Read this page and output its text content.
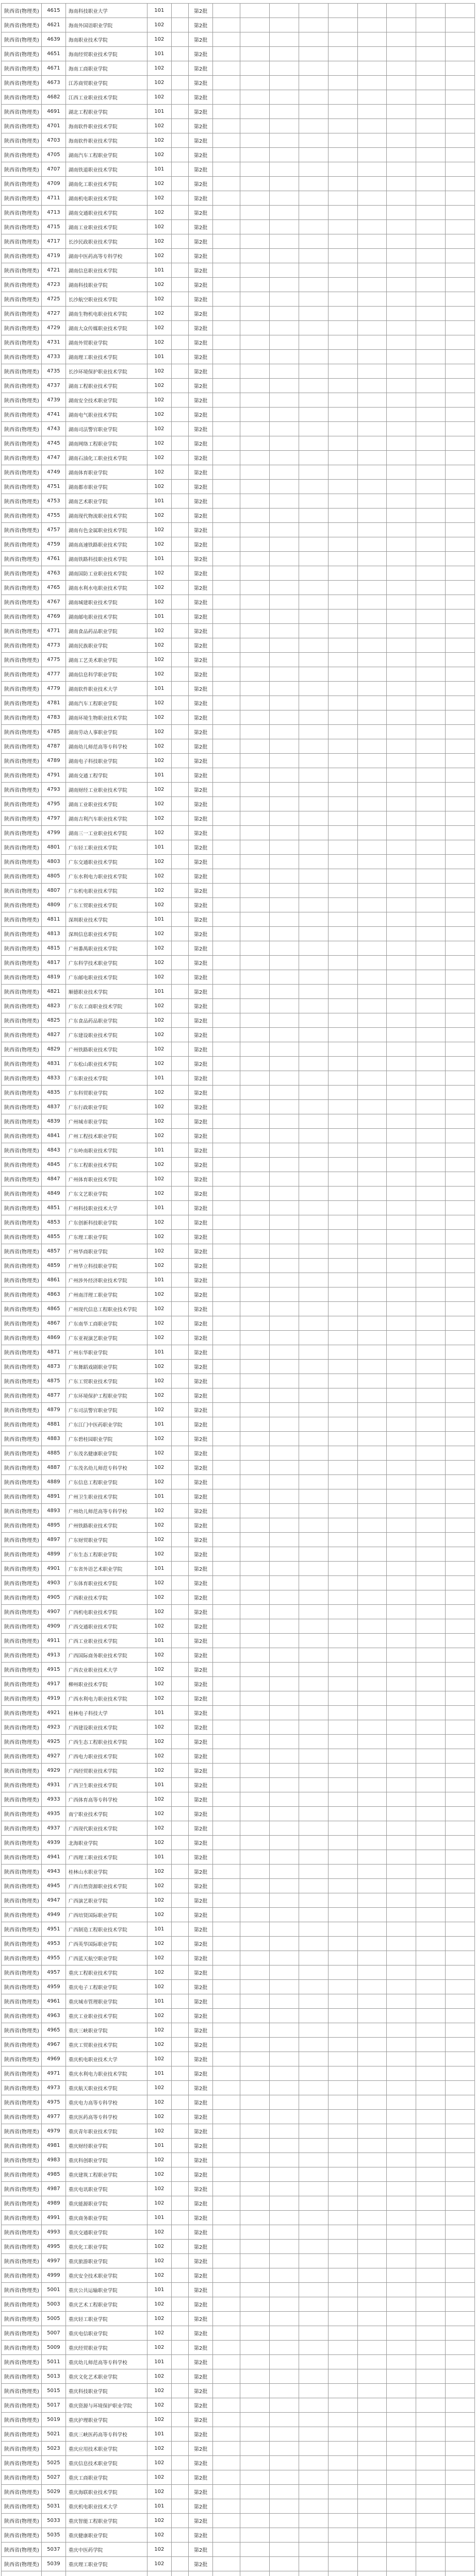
陕西省(物理类)	4615	海南科技职业大学	101		第2批									
陕西省(物理类)	4621	海南外国语职业学院	102		第2批									
陕西省(物理类)	4639	海南职业技术学院	102		第2批									
陕西省(物理类)	4651	海南经贸职业技术学院	101		第2批									
陕西省(物理类)	4671	海南工商职业学院	102		第2批									
陕西省(物理类)	4673	江苏商贸职业学院	102		第2批									
陕西省(物理类)	4682	江西工业职业技术学院	102		第2批									
陕西省(物理类)	4691	湖北工程职业学院	101		第2批									
陕西省(物理类)	4701	海南软件职业技术学院	102		第2批									
陕西省(物理类)	4703	海南软件职业技术学院	102		第2批									
陕西省(物理类)	4705	湖南汽车工程职业学院	102		第2批									
陕西省(物理类)	4707	湖南铁道职业技术学院	101		第2批									
陕西省(物理类)	4709	湖南化工职业技术学院	102		第2批									
陕西省(物理类)	4711	湖南机电职业技术学院	102		第2批									
陕西省(物理类)	4713	湖南交通职业技术学院	102		第2批									
陕西省(物理类)	4715	湖南工业职业技术学院	102		第2批									
陕西省(物理类)	4717	长沙民政职业技术学院	102		第2批									
陕西省(物理类)	4719	湖南中医药高等专科学校	102		第2批									
陕西省(物理类)	4721	湖南信息职业技术学院	101		第2批									
陕西省(物理类)	4723	湖南科技职业学院	102		第2批									
陕西省(物理类)	4725	长沙航空职业技术学院	102		第2批									
陕西省(物理类)	4727	湖南生物机电职业技术学院	102		第2批									
陕西省(物理类)	4729	湖南大众传媒职业技术学院	102		第2批									
陕西省(物理类)	4731	湖南外贸职业学院	102		第2批									
陕西省(物理类)	4733	湖南理工职业技术学院	101		第2批									
陕西省(物理类)	4735	长沙环境保护职业技术学院	102		第2批									
陕西省(物理类)	4737	湖南工程职业技术学院	102		第2批									
陕西省(物理类)	4739	湖南安全技术职业学院	102		第2批									
陕西省(物理类)	4741	湖南电气职业技术学院	102		第2批									
陕西省(物理类)	4743	湖南司法警官职业学院	102		第2批									
陕西省(物理类)	4745	湖南网络工程职业学院	102		第2批									
陕西省(物理类)	4747	湖南石油化工职业技术学院	102		第2批									
陕西省(物理类)	4749	湖南体育职业学院	102		第2批									
陕西省(物理类)	4751	湖南都市职业学院	102		第2批									
陕西省(物理类)	4753	湖南艺术职业学院	101		第2批									
陕西省(物理类)	4755	湖南现代物流职业技术学院	102		第2批									
陕西省(物理类)	4757	湖南有色金属职业技术学院	102		第2批									
陕西省(物理类)	4759	湖南高速铁路职业技术学院	102		第2批									
陕西省(物理类)	4761	湖南铁路科技职业技术学院	101		第2批									
陕西省(物理类)	4763	湖南国防工业职业技术学院	102		第2批									
陕西省(物理类)	4765	湖南水利水电职业技术学院	102		第2批									
陕西省(物理类)	4767	湖南城建职业技术学院	102		第2批									
陕西省(物理类)	4769	湖南邮电职业技术学院	101		第2批									
陕西省(物理类)	4771	湖南食品药品职业学院	102		第2批									
陕西省(物理类)	4773	湖南民族职业学院	102		第2批									
陕西省(物理类)	4775	湖南工艺美术职业学院	102		第2批									
陕西省(物理类)	4777	湖南信息科学职业学院	102		第2批									
陕西省(物理类)	4779	湖南软件职业技术大学	101		第2批									
陕西省(物理类)	4781	湖南汽车工程职业学院	102		第2批									
陕西省(物理类)	4783	湖南环境生物职业技术学院	102		第2批									
陕西省(物理类)	4785	湖南劳动人事职业学院	102		第2批									
陕西省(物理类)	4787	湖南幼儿师范高等专科学校	102		第2批									
陕西省(物理类)	4789	湖南电子科技职业学院	102		第2批									
陕西省(物理类)	4791	湖南交通工程学院	101		第2批									
陕西省(物理类)	4793	湖南财经工业职业技术学院	102		第2批									
陕西省(物理类)	4795	湖南工业职业技术学院	102		第2批									
陕西省(物理类)	4797	湖南吉利汽车职业技术学院	102		第2批									
陕西省(物理类)	4799	湖南三一工业职业技术学院	102		第2批									
陕西省(物理类)	4801	广东轻工职业技术学院	101		第2批									
陕西省(物理类)	4803	广东交通职业技术学院	102		第2批									
陕西省(物理类)	4805	广东水利电力职业技术学院	102		第2批									
陕西省(物理类)	4807	广东机电职业技术学院	102		第2批									
陕西省(物理类)	4809	广东工贸职业技术学院	102		第2批									
陕西省(物理类)	4811	深圳职业技术学院	101		第2批									
陕西省(物理类)	4813	深圳信息职业技术学院	102		第2批									
陕西省(物理类)	4815	广州番禺职业技术学院	102		第2批									
陕西省(物理类)	4817	广东科学技术职业学院	102		第2批									
陕西省(物理类)	4819	广东邮电职业技术学院	102		第2批									
陕西省(物理类)	4821	顺德职业技术学院	101		第2批									
陕西省(物理类)	4823	广东农工商职业技术学院	102		第2批									
陕西省(物理类)	4825	广东食品药品职业学院	102		第2批									
陕西省(物理类)	4827	广东建设职业技术学院	102		第2批									
陕西省(物理类)	4829	广州铁路职业技术学院	102		第2批									
陕西省(物理类)	4831	广东松山职业技术学院	102		第2批									
陕西省(物理类)	4833	广东职业技术学院	101		第2批									
陕西省(物理类)	4835	广东科贸职业学院	102		第2批									
陕西省(物理类)	4837	广东行政职业学院	102		第2批									
陕西省(物理类)	4839	广州城市职业学院	102		第2批									
陕西省(物理类)	4841	广州工程技术职业学院	102		第2批									
陕西省(物理类)	4843	广东岭南职业技术学院	101		第2批									
陕西省(物理类)	4845	广东工程职业技术学院	102		第2批									
陕西省(物理类)	4847	广州体育职业技术学院	102		第2批									
陕西省(物理类)	4849	广东文艺职业学院	102		第2批									
陕西省(物理类)	4851	广州科技职业技术大学	101		第2批									
陕西省(物理类)	4853	广东创新科技职业学院	102		第2批									
陕西省(物理类)	4855	广东理工职业学院	102		第2批									
陕西省(物理类)	4857	广州华商职业学院	102		第2批									
陕西省(物理类)	4859	广州华立科技职业学院	102		第2批									
陕西省(物理类)	4861	广州涉外经济职业技术学院	101		第2批									
陕西省(物理类)	4863	广州南洋理工职业学院	102		第2批									
陕西省(物理类)	4865	广州现代信息工程职业技术学院	102		第2批									
陕西省(物理类)	4867	广东南华工商职业学院	102		第2批									
陕西省(物理类)	4869	广东亚视演艺职业学院	102		第2批									
陕西省(物理类)	4871	广州东华职业学院	101		第2批									
陕西省(物理类)	4873	广东舞蹈戏剧职业学院	102		第2批									
陕西省(物理类)	4875	广东工贸职业技术学院	102		第2批									
陕西省(物理类)	4877	广东环境保护工程职业学院	102		第2批									
陕西省(物理类)	4879	广东司法警官职业学院	102		第2批									
陕西省(物理类)	4881	广东江门中医药职业学院	101		第2批									
陕西省(物理类)	4883	广东碧桂园职业学院	102		第2批									
陕西省(物理类)	4885	广东茂名健康职业学院	102		第2批									
陕西省(物理类)	4887	广东茂名幼儿师范专科学校	102		第2批									
陕西省(物理类)	4889	广东信息工程职业学院	102		第2批									
陕西省(物理类)	4891	广州卫生职业技术学院	101		第2批									
陕西省(物理类)	4893	广州幼儿师范高等专科学校	102		第2批									
陕西省(物理类)	4895	广州铁路职业技术学院	102		第2批									
陕西省(物理类)	4897	广东财贸职业学院	102		第2批									
陕西省(物理类)	4899	广东生态工程职业学院	102		第2批									
陕西省(物理类)	4901	广东省外语艺术职业学院	101		第2批									
陕西省(物理类)	4903	广东体育职业技术学院	102		第2批									
陕西省(物理类)	4905	广西职业技术学院	102		第2批									
陕西省(物理类)	4907	广西机电职业技术学院	102		第2批									
陕西省(物理类)	4909	广西交通职业技术学院	102		第2批									
陕西省(物理类)	4911	广西工业职业技术学院	101		第2批									
陕西省(物理类)	4913	广西国际商务职业技术学院	102		第2批									
陕西省(物理类)	4915	广西农业职业技术大学	102		第2批									
陕西省(物理类)	4917	柳州职业技术学院	102		第2批									
陕西省(物理类)	4919	广西水利电力职业技术学院	102		第2批									
陕西省(物理类)	4921	桂林电子科技大学	101		第2批									
陕西省(物理类)	4923	广西建设职业技术学院	102		第2批									
陕西省(物理类)	4925	广西生态工程职业技术学院	102		第2批									
陕西省(物理类)	4927	广西电力职业技术学院	102		第2批									
陕西省(物理类)	4929	广西经贸职业技术学院	102		第2批									
陕西省(物理类)	4931	广西卫生职业技术学院	101		第2批									
陕西省(物理类)	4933	广西体育高等专科学校	102		第2批									
陕西省(物理类)	4935	南宁职业技术学院	102		第2批									
陕西省(物理类)	4937	广西现代职业技术学院	102		第2批									
陕西省(物理类)	4939	北海职业学院	102		第2批									
陕西省(物理类)	4941	广西理工职业技术学院	101		第2批									
陕西省(物理类)	4943	桂林山水职业学院	102		第2批									
陕西省(物理类)	4945	广西自然资源职业技术学院	102		第2批									
陕西省(物理类)	4947	广西演艺职业学院	102		第2批									
陕西省(物理类)	4949	广西培贤国际职业学院	102		第2批									
陕西省(物理类)	4951	广西制造工程职业技术学院	101		第2批									
陕西省(物理类)	4953	广西英华国际职业学院	102		第2批									
陕西省(物理类)	4955	广西蓝天航空职业学院	102		第2批									
陕西省(物理类)	4957	重庆工程职业技术学院	102		第2批									
陕西省(物理类)	4959	重庆电子工程职业学院	102		第2批									
陕西省(物理类)	4961	重庆城市管理职业学院	101		第2批									
陕西省(物理类)	4963	重庆工业职业技术学院	102		第2批									
陕西省(物理类)	4965	重庆三峡职业学院	102		第2批									
陕西省(物理类)	4967	重庆工贸职业技术学院	102		第2批									
陕西省(物理类)	4969	重庆机电职业技术大学	102		第2批									
陕西省(物理类)	4971	重庆水利电力职业技术学院	101		第2批									
陕西省(物理类)	4973	重庆航天职业技术学院	102		第2批									
陕西省(物理类)	4975	重庆电力高等专科学校	102		第2批									
陕西省(物理类)	4977	重庆医药高等专科学校	102		第2批									
陕西省(物理类)	4979	重庆青年职业技术学院	102		第2批									
陕西省(物理类)	4981	重庆财经职业学院	101		第2批									
陕西省(物理类)	4983	重庆科创职业学院	102		第2批									
陕西省(物理类)	4985	重庆建筑工程职业学院	102		第2批									
陕西省(物理类)	4987	重庆电讯职业学院	102		第2批									
陕西省(物理类)	4989	重庆能源职业学院	102		第2批									
陕西省(物理类)	4991	重庆商务职业学院	101		第2批									
陕西省(物理类)	4993	重庆交通职业学院	102		第2批									
陕西省(物理类)	4995	重庆化工职业学院	102		第2批									
陕西省(物理类)	4997	重庆旅游职业学院	102		第2批									
陕西省(物理类)	4999	重庆安全技术职业学院	102		第2批									
陕西省(物理类)	5001	重庆公共运输职业学院	101		第2批									
陕西省(物理类)	5003	重庆艺术工程职业学院	102		第2批									
陕西省(物理类)	5005	重庆轻工职业学院	102		第2批									
陕西省(物理类)	5007	重庆电信职业学院	102		第2批									
陕西省(物理类)	5009	重庆经贸职业学院	102		第2批									
陕西省(物理类)	5011	重庆幼儿师范高等专科学校	101		第2批									
陕西省(物理类)	5013	重庆文化艺术职业学院	102		第2批									
陕西省(物理类)	5015	重庆科技职业学院	102		第2批									
陕西省(物理类)	5017	重庆资源与环境保护职业学院	102		第2批									
陕西省(物理类)	5019	重庆护理职业学院	102		第2批									
陕西省(物理类)	5021	重庆三峡医药高等专科学校	101		第2批									
陕西省(物理类)	5023	重庆应用技术职业学院	102		第2批									
陕西省(物理类)	5025	重庆信息技术职业学院	102		第2批									
陕西省(物理类)	5027	重庆工商职业学院	102		第2批									
陕西省(物理类)	5029	重庆海联职业技术学院	102		第2批									
陕西省(物理类)	5031	重庆机电职业技术大学	101		第2批									
陕西省(物理类)	5033	重庆智能工程职业学院	102		第2批									
陕西省(物理类)	5035	重庆健康职业学院	102		第2批									
陕西省(物理类)	5037	重庆中医药学院	102		第2批									
陕西省(物理类)	5039	重庆理工职业学院	102		第2批									
